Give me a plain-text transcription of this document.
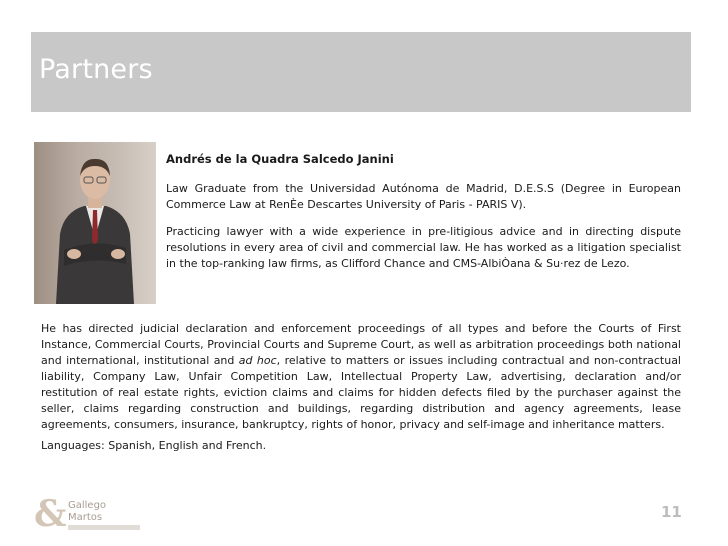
Partners
Andrés de la Quadra Salcedo Janini
Law Graduate from the Universidad Autónoma de Madrid, D.E.S.S (Degree in European Commerce Law at RenÈe Descartes University of Paris - PARIS V).
Practicing lawyer with a wide experience in pre-litigious advice and in directing dispute resolutions in every area of civil and commercial law. He has worked as a litigation specialist in the top-ranking law firms, as Clifford Chance and CMS-AlbiÒana & Su·rez de Lezo.
He has directed judicial declaration and enforcement proceedings of all types and before the Courts of First Instance, Commercial Courts, Provincial Courts and Supreme Court, as well as arbitration proceedings both national and international, institutional and ad hoc, relative to matters or issues including contractual and non-contractual liability, Company Law, Unfair Competition Law, Intellectual Property Law, advertising, declaration and/or restitution of real estate rights, eviction claims and claims for hidden defects filed by the purchaser against the seller, claims regarding construction and buildings, regarding distribution and agency agreements, lease agreements, consumers, insurance, bankruptcy, rights of honor, privacy and self-image and inheritance matters.
Languages: Spanish, English and French.
& Gallego
Martos	11
